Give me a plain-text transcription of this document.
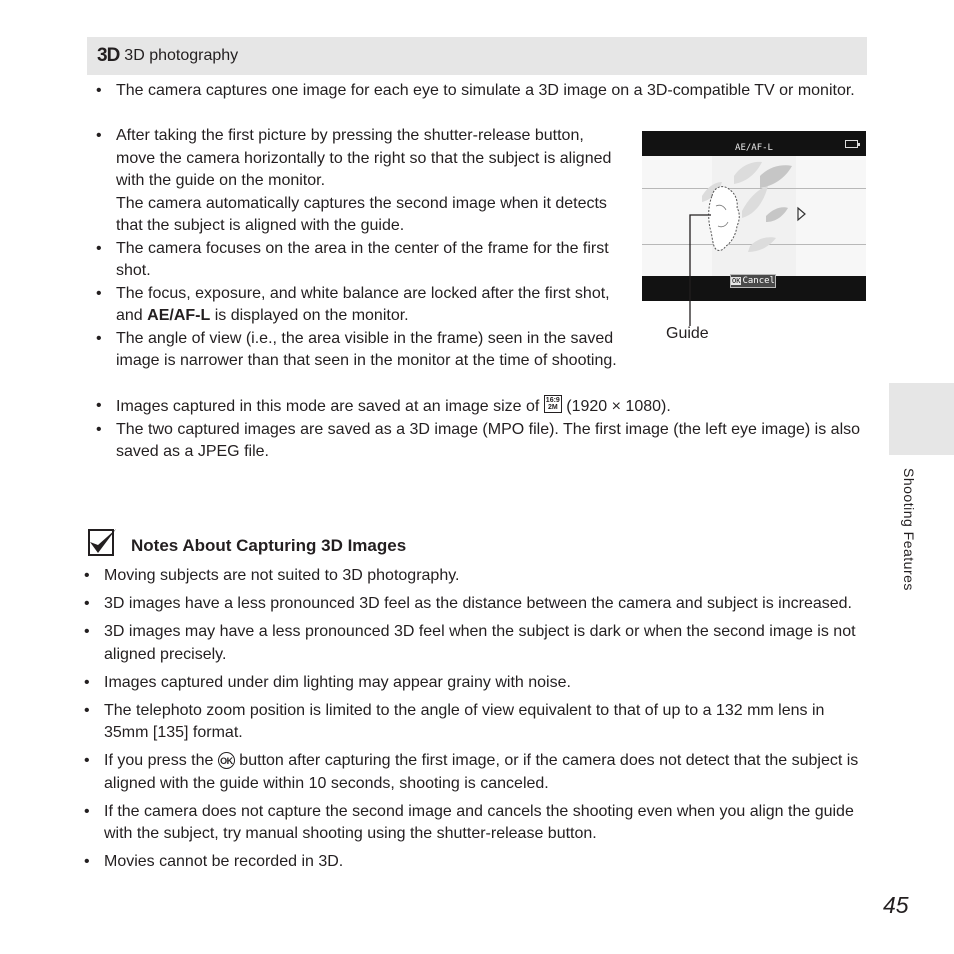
3D 3D photography
• The camera captures one image for each eye to simulate a 3D image on a 3D-compatible TV or monitor.
• After taking the first picture by pressing the shutter-release button, move the camera horizontally to the right so that the subject is aligned with the guide on the monitor.
The camera automatically captures the second image when it detects that the subject is aligned with the guide.
• The camera focuses on the area in the center of the frame for the first shot.
• The focus, exposure, and white balance are locked after the first shot, and AE/AF-L is displayed on the monitor.
• The angle of view (i.e., the area visible in the frame) seen in the saved image is narrower than that seen in the monitor at the time of shooting.
• Images captured in this mode are saved at an image size of 16:9
2M (1920 × 1080).
• The two captured images are saved as a 3D image (MPO file). The first image (the left eye image) is also saved as a JPEG file.
AE/AF-L
OK Cancel
Guide
Shooting Features
Notes About Capturing 3D Images
• Moving subjects are not suited to 3D photography.
• 3D images have a less pronounced 3D feel as the distance between the camera and subject is increased.
• 3D images may have a less pronounced 3D feel when the subject is dark or when the second image is not aligned precisely.
• Images captured under dim lighting may appear grainy with noise.
• The telephoto zoom position is limited to the angle of view equivalent to that of up to a 132 mm lens in 35mm [135] format.
• If you press the OK button after capturing the first image, or if the camera does not detect that the subject is aligned with the guide within 10 seconds, shooting is canceled.
• If the camera does not capture the second image and cancels the shooting even when you align the guide with the subject, try manual shooting using the shutter-release button.
• Movies cannot be recorded in 3D.
45
